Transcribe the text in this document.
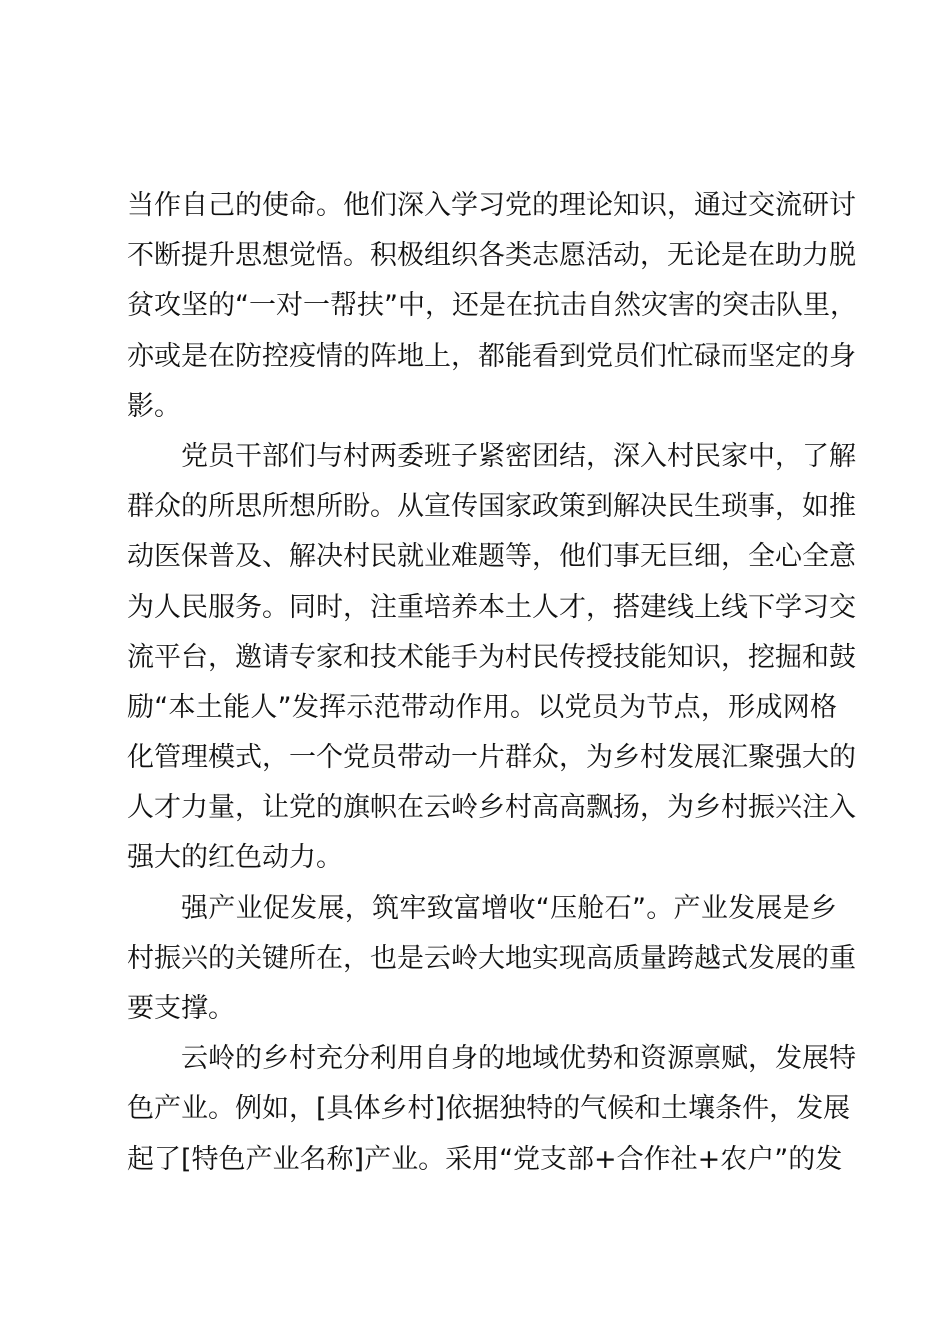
当作自己的使命。他们深入学习党的理论知识，通过交流研讨
不断提升思想觉悟。积极组织各类志愿活动，无论是在助力脱
贫攻坚的“一对一帮扶”中，还是在抗击自然灾害的突击队里，
亦或是在防控疫情的阵地上，都能看到党员们忙碌而坚定的身
影。
党员干部们与村两委班子紧密团结，深入村民家中，了解
群众的所思所想所盼。从宣传国家政策到解决民生琐事，如推
动医保普及、解决村民就业难题等，他们事无巨细，全心全意
为人民服务。同时，注重培养本土人才，搭建线上线下学习交
流平台，邀请专家和技术能手为村民传授技能知识，挖掘和鼓
励“本土能人”发挥示范带动作用。以党员为节点，形成网格
化管理模式，一个党员带动一片群众，为乡村发展汇聚强大的
人才力量，让党的旗帜在云岭乡村高高飘扬，为乡村振兴注入
强大的红色动力。
强产业促发展，筑牢致富增收“压舱石”。产业发展是乡
村振兴的关键所在，也是云岭大地实现高质量跨越式发展的重
要支撑。
云岭的乡村充分利用自身的地域优势和资源禀赋，发展特
色产业。例如，[具体乡村]依据独特的气候和土壤条件，发展
起了[特色产业名称]产业。采用“党支部+合作社+农户”的发
